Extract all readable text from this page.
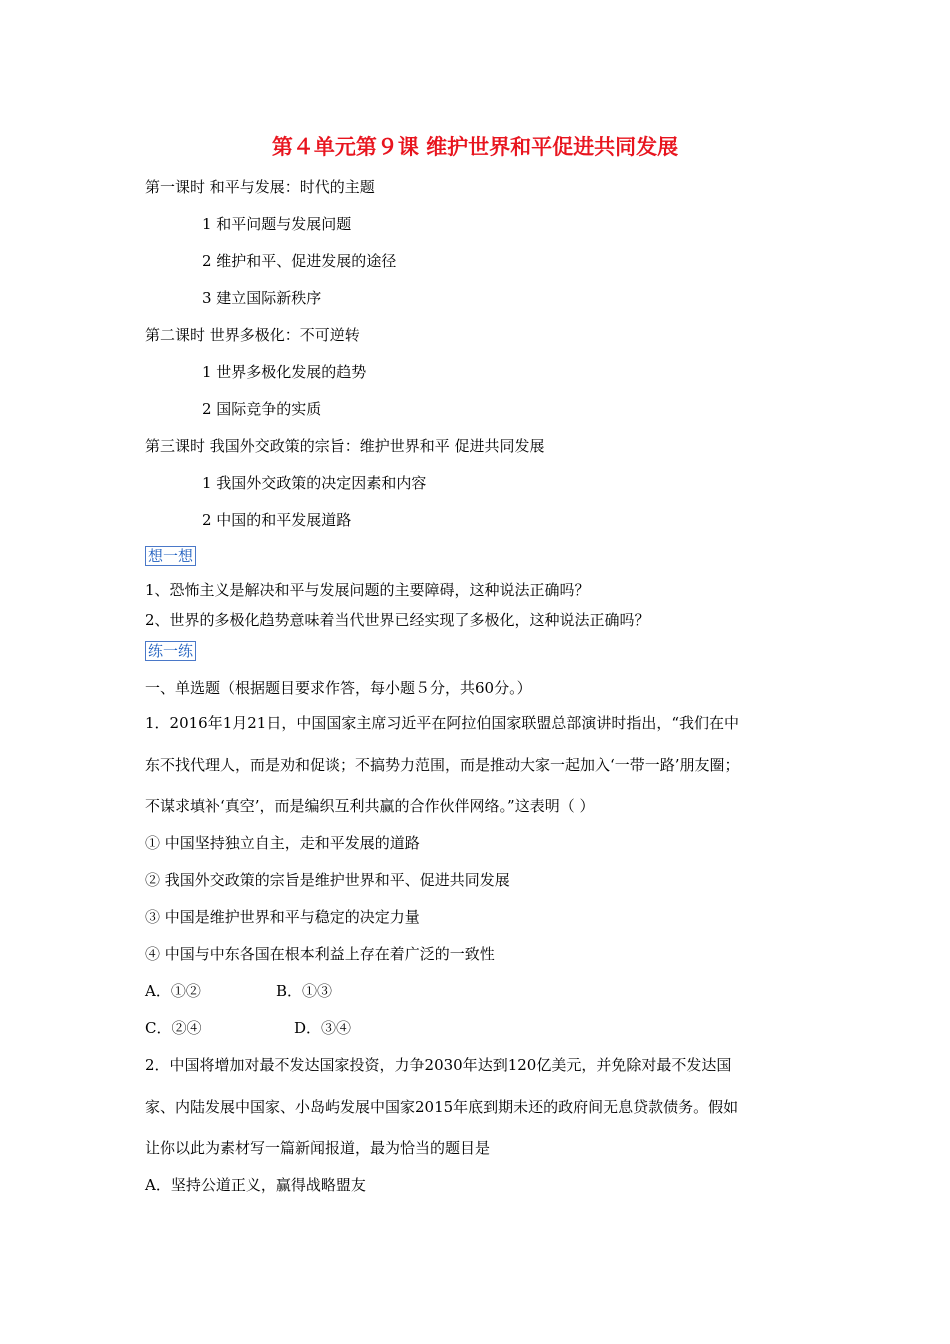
第４单元第９课 维护世界和平促进共同发展
第一课时 和平与发展：时代的主题
1 和平问题与发展问题
2 维护和平、促进发展的途径
3 建立国际新秩序
第二课时 世界多极化：不可逆转
1 世界多极化发展的趋势
2 国际竞争的实质
第三课时 我国外交政策的宗旨：维护世界和平 促进共同发展
1 我国外交政策的决定因素和内容
2 中国的和平发展道路
想一想
1、恐怖主义是解决和平与发展问题的主要障碍，这种说法正确吗？
2、世界的多极化趋势意味着当代世界已经实现了多极化，这种说法正确吗？
练一练
一、单选题（根据题目要求作答，每小题５分，共60分。）
1．2016年1月21日，中国国家主席习近平在阿拉伯国家联盟总部演讲时指出，“我们在中
东不找代理人，而是劝和促谈；不搞势力范围，而是推动大家一起加入‘一带一路’朋友圈；
不谋求填补‘真空’，而是编织互利共赢的合作伙伴网络。”这表明（ ）
① 中国坚持独立自主，走和平发展的道路
② 我国外交政策的宗旨是维护世界和平、促进共同发展
③ 中国是维护世界和平与稳定的决定力量
④ 中国与中东各国在根本利益上存在着广泛的一致性
A．①②	B．①③
C．②④	D．③④
2．中国将增加对最不发达国家投资，力争2030年达到120亿美元，并免除对最不发达国
家、内陆发展中国家、小岛屿发展中国家2015年底到期未还的政府间无息贷款债务。假如
让你以此为素材写一篇新闻报道，最为恰当的题目是
A．坚持公道正义，赢得战略盟友
